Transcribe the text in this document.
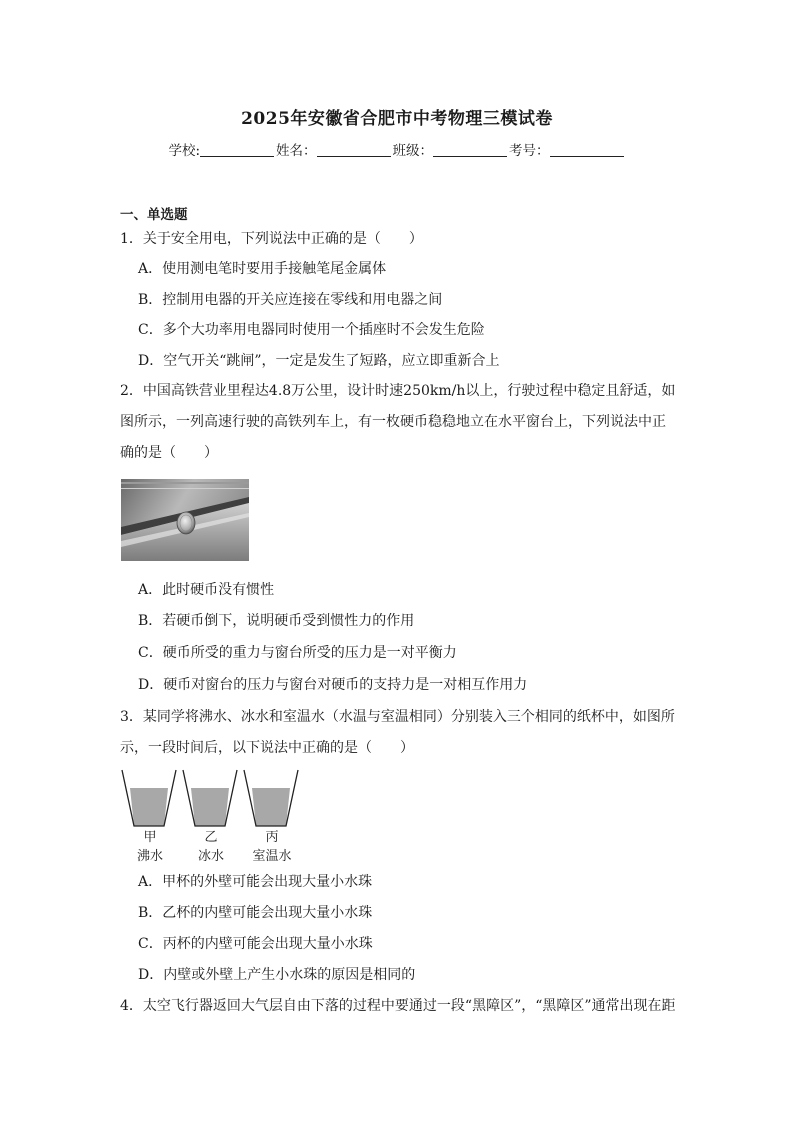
2025年安徽省合肥市中考物理三模试卷
学校:	姓名：	班级：	考号：
一、单选题
1．关于安全用电，下列说法中正确的是（　　）
A．使用测电笔时要用手接触笔尾金属体
B．控制用电器的开关应连接在零线和用电器之间
C．多个大功率用电器同时使用一个插座时不会发生危险
D．空气开关“跳闸”，一定是发生了短路，应立即重新合上
2．中国高铁营业里程达4.8万公里，设计时速250km/h以上，行驶过程中稳定且舒适，如图所示，一列高速行驶的高铁列车上，有一枚硬币稳稳地立在水平窗台上，下列说法中正确的是（　　）
A．此时硬币没有惯性
B．若硬币倒下，说明硬币受到惯性力的作用
C．硬币所受的重力与窗台所受的压力是一对平衡力
D．硬币对窗台的压力与窗台对硬币的支持力是一对相互作用力
3．某同学将沸水、冰水和室温水（水温与室温相同）分别装入三个相同的纸杯中，如图所示，一段时间后，以下说法中正确的是（　　）
甲
沸水
乙
冰水
丙
室温水
A．甲杯的外壁可能会出现大量小水珠
B．乙杯的内壁可能会出现大量小水珠
C．丙杯的内壁可能会出现大量小水珠
D．内壁或外壁上产生小水珠的原因是相同的
4．太空飞行器返回大气层自由下落的过程中要通过一段“黑障区”，“黑障区”通常出现在距
